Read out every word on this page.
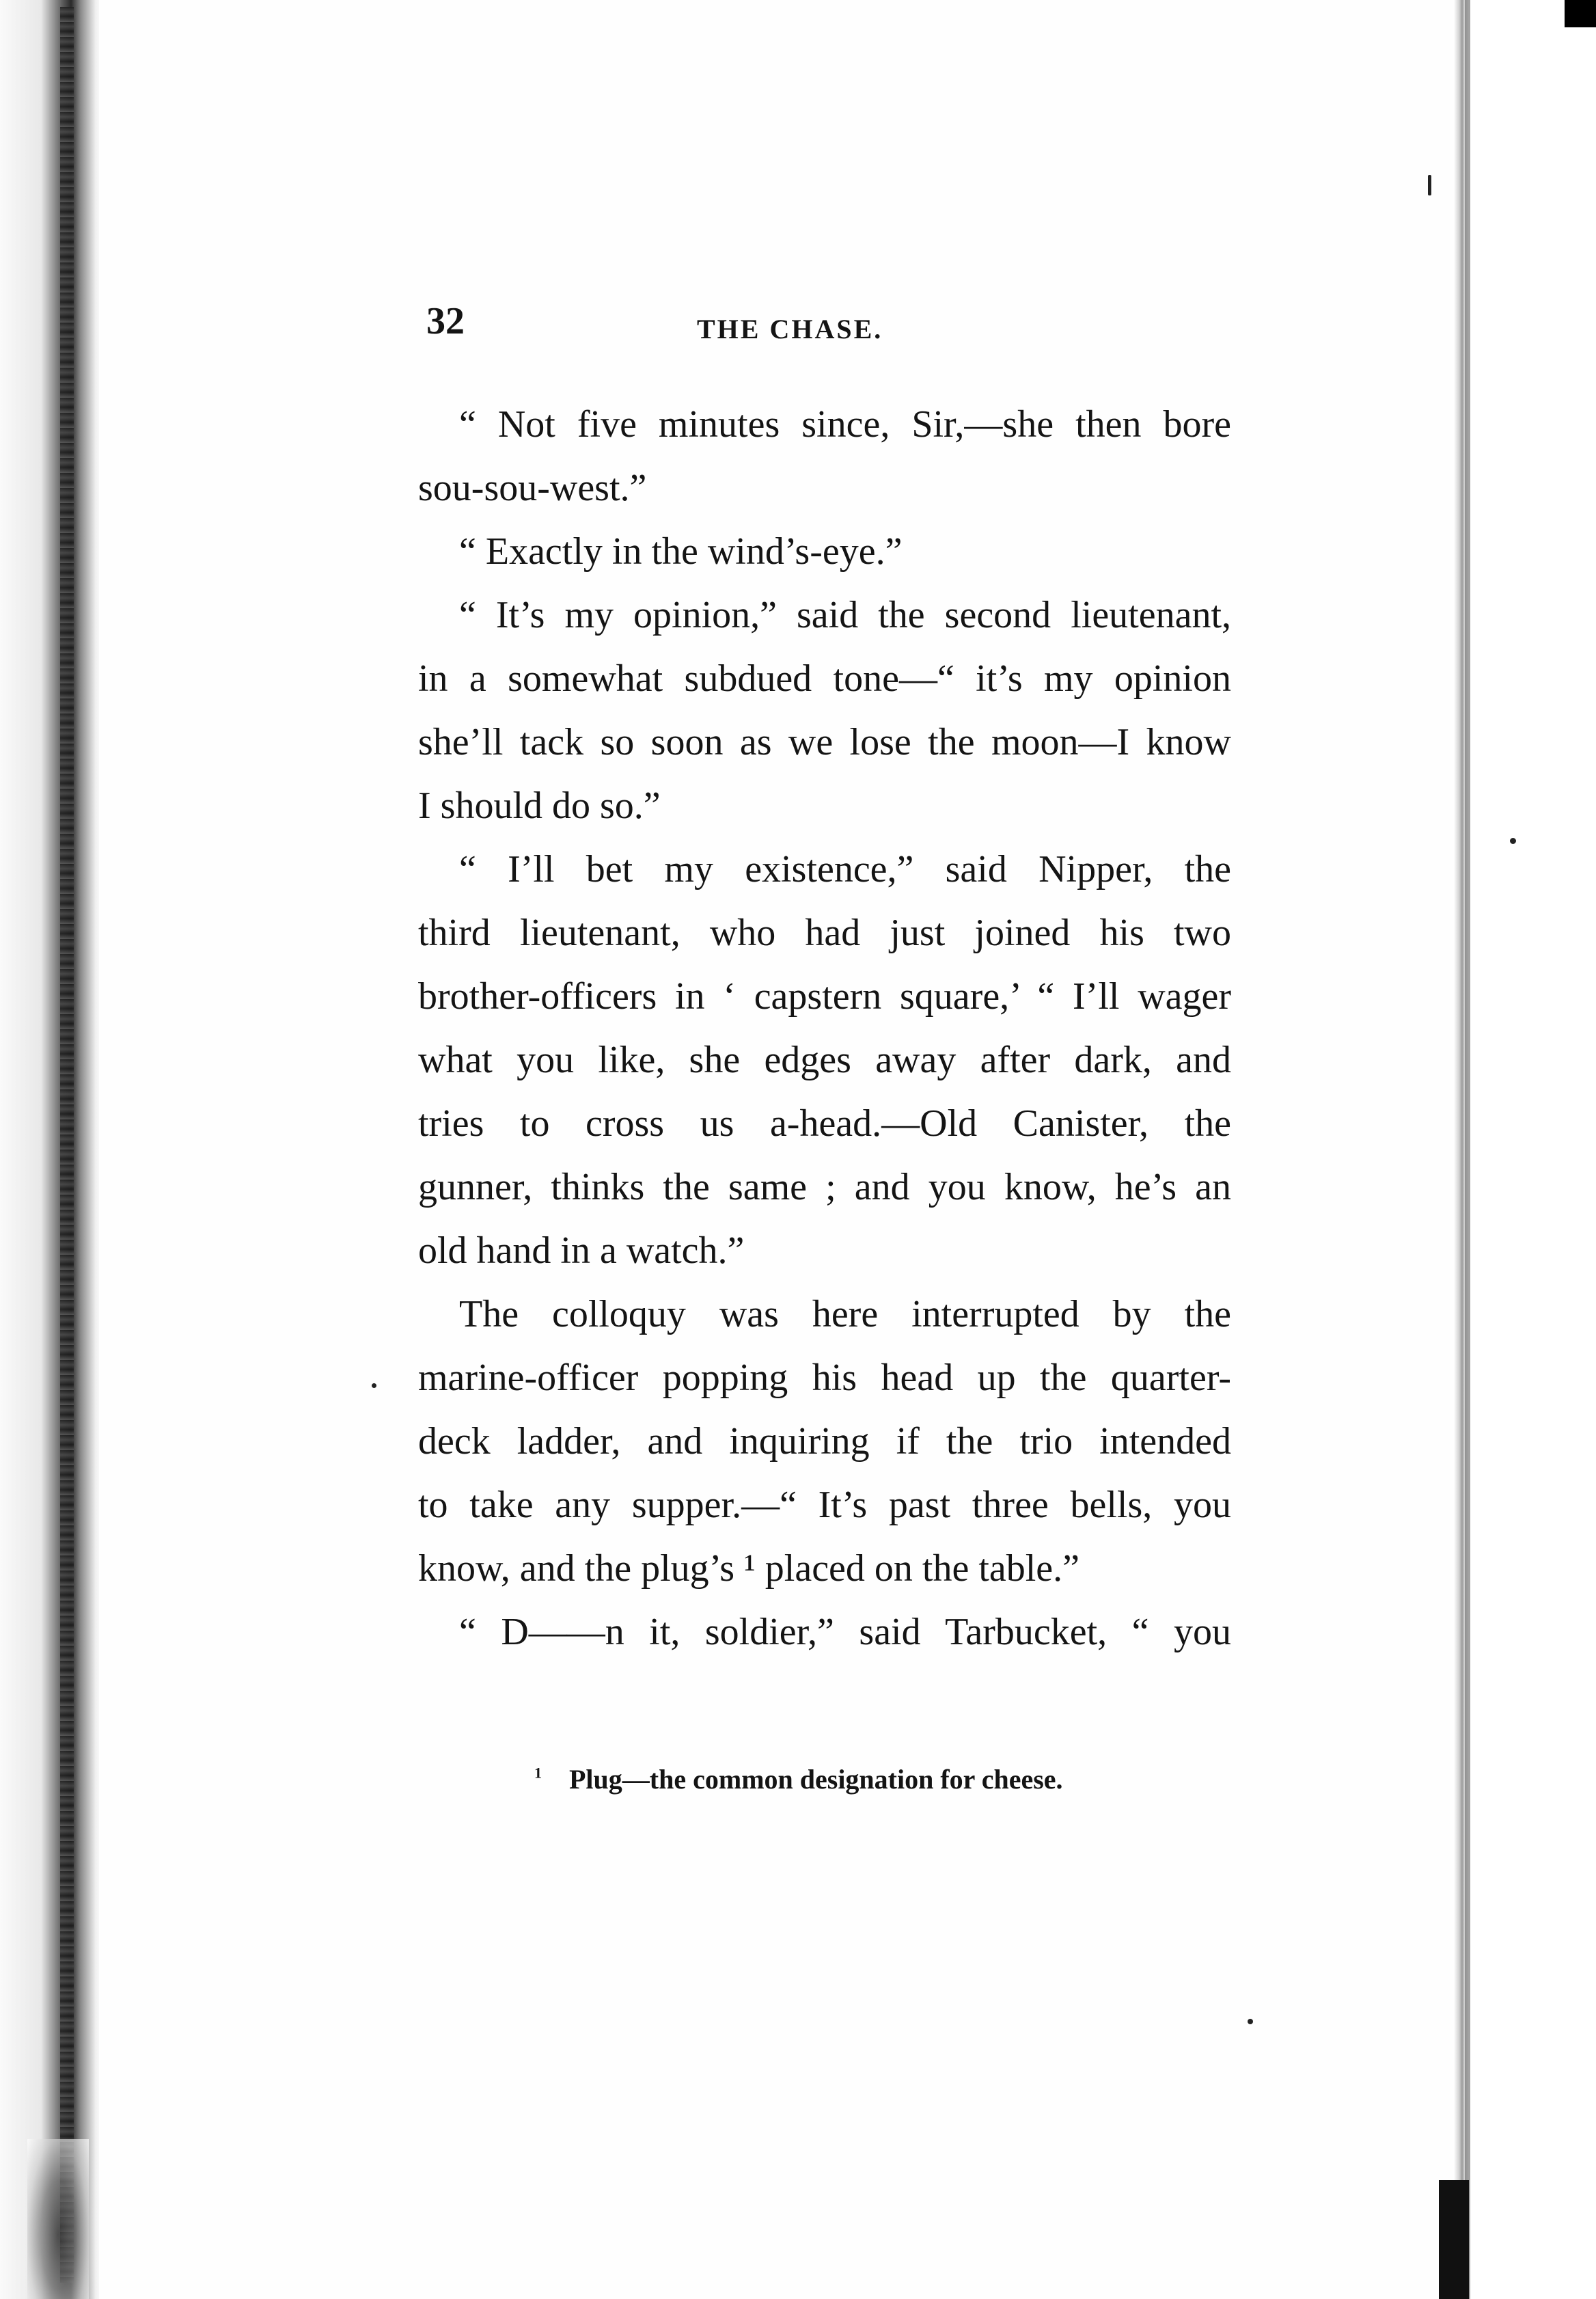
32	THE CHASE.
“ Not five minutes since, Sir,—she then bore
sou-sou-west.”
“ Exactly in the wind’s-eye.”
“ It’s my opinion,” said the second lieutenant,
in a somewhat subdued tone—“ it’s my opinion
she’ll tack so soon as we lose the moon—I know
I should do so.”
“ I’ll bet my existence,” said Nipper, the
third lieutenant, who had just joined his two
brother-officers in ‘ capstern square,’ “ I’ll wager
what you like, she edges away after dark, and
tries to cross us a-head.—Old Canister, the
gunner, thinks the same ; and you know, he’s an
old hand in a watch.”
The colloquy was here interrupted by the
marine-officer popping his head up the quarter-
deck ladder, and inquiring if the trio intended
to take any supper.—“ It’s past three bells, you
know, and the plug’s ¹ placed on the table.”
“ D——n it, soldier,” said Tarbucket, “ you
$^1$ Plug—the common designation for cheese.
